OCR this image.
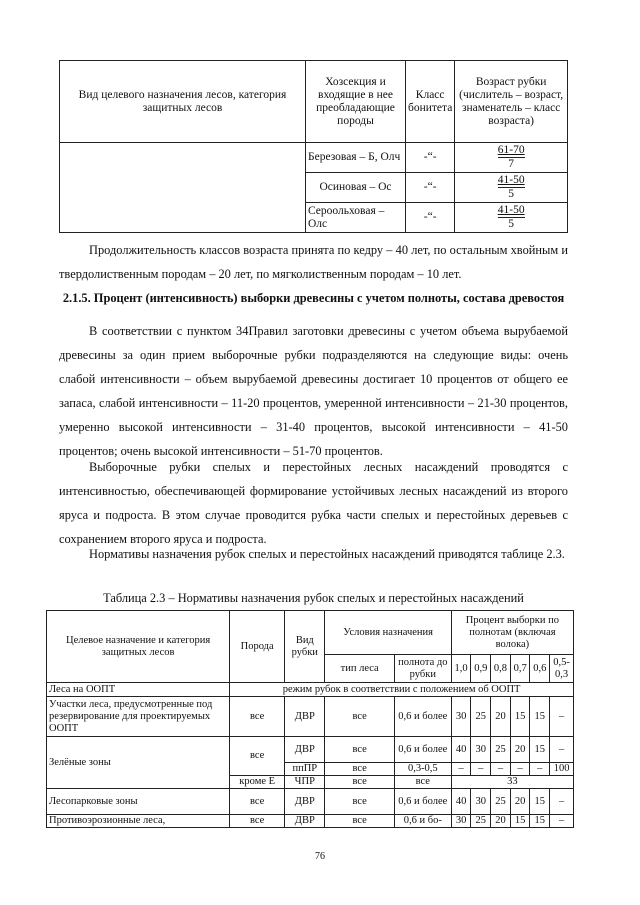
Вид целевого назначения лесов, категория защитных лесов	Хозсекция и входящие в нее преобладающие породы	Класс бонитета	Возраст рубки (числитель – возраст, знаменатель – класс возраста)
	Березовая – Б, Олч	-“-	$\frac{61-70}{7}$

	Осиновая – Ос	-“-	$\frac{41-50}{5}$

	Сероольховая – Олс	-“-	$\frac{41-50}{5}$

Продолжительность классов возраста принята по кедру – 40 лет, по остальным хвойным и твердолиственным породам – 20 лет, по мягколиственным породам – 10 лет.

2.1.5. Процент (интенсивность) выборки древесины с учетом полноты, состава древостоя

В соответствии с пунктом 34Правил заготовки древесины с учетом объема вырубаемой древесины за один прием выборочные рубки подразделяются на следующие виды: очень слабой интенсивности – объем вырубаемой древесины достигает 10 процентов от общего ее запаса, слабой интенсивности – 11-20 процентов, умеренной интенсивности – 21-30 процентов, умеренно высокой интенсивности – 31-40 процентов, высокой интенсивности – 41-50 процентов; очень высокой интенсивности – 51-70 процентов.

Выборочные рубки спелых и перестойных лесных насаждений проводятся с интенсивностью, обеспечивающей формирование устойчивых лесных насаждений из второго яруса и подроста. В этом случае проводится рубка части спелых и перестойных деревьев с сохранением второго яруса и подроста.

Нормативы назначения рубок спелых и перестойных насаждений приводятся таблице 2.3.

Таблица 2.3 – Нормативы назначения рубок спелых и перестойных насаждений
Целевое назначение и категория защитных лесов	Порода	Вид рубки	Условия назначения		Процент выборки по полнотам (включая волока)					
			тип леса	полнота до рубки	1,0	0,9	0,8	0,7	0,6	0,5-0,3
Леса на ООПТ	режим рубок в соответствии с положением об ООПТ									
Участки леса, предусмотренные под резервирование для проектируемых ООПТ	все	ДВР	все	0,6 и более	30	25	20	15	15	–
Зелёные зоны	все	ДВР	все	0,6 и более	40	30	25	20	15	–
		ппПР	все	0,3-0,5	–	–	–	–	–	100
	кроме Е	ЧПР	все	все	33					
Лесопарковые зоны	все	ДВР	все	0,6 и более	40	30	25	20	15	–
Противоэрозионные леса,	все	ДВР	все	0,6 и бо-	30	25	20	15	15	–
76
